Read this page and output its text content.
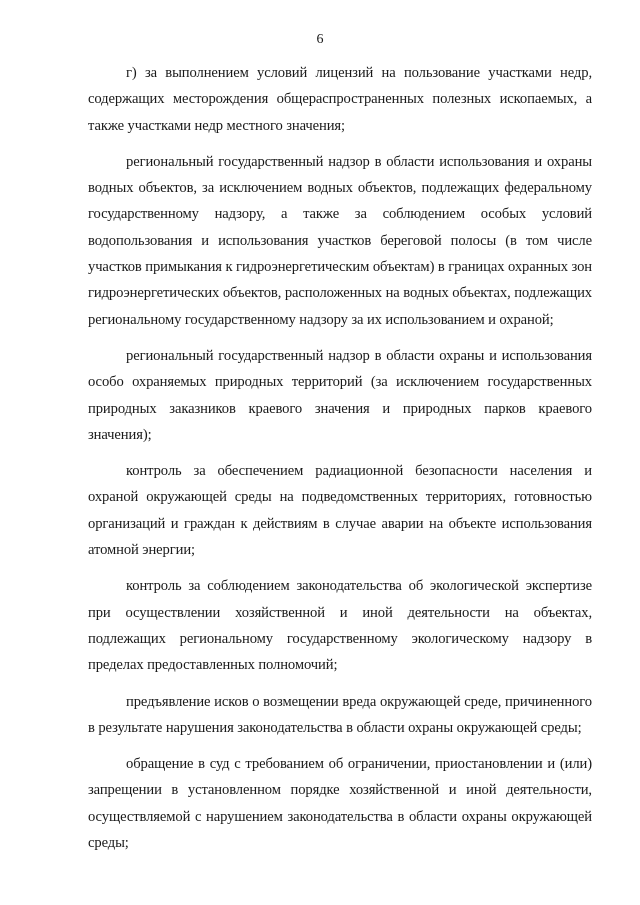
6

г) за выполнением условий лицензий на пользование участками недр, содержащих месторождения общераспространенных полезных ископаемых, а также участками недр местного значения;

региональный государственный надзор в области использования и охраны водных объектов, за исключением водных объектов, подлежащих федеральному государственному надзору, а также за соблюдением особых условий водопользования и использования участков береговой полосы (в том числе участков примыкания к гидроэнергетическим объектам) в границах охранных зон гидроэнергетических объектов, расположенных на водных объектах, подлежащих региональному государственному надзору за их использованием и охраной;

региональный государственный надзор в области охраны и использования особо охраняемых природных территорий (за исключением государственных природных заказников краевого значения и природных парков краевого значения);

контроль за обеспечением радиационной безопасности населения и охраной окружающей среды на подведомственных территориях, готовностью организаций и граждан к действиям в случае аварии на объекте использования атомной энергии;

контроль за соблюдением законодательства об экологической экспертизе при осуществлении хозяйственной и иной деятельности на объектах, подлежащих региональному государственному экологическому надзору в пределах предоставленных полномочий;

предъявление исков о возмещении вреда окружающей среде, причиненного в результате нарушения законодательства в области охраны окружающей среды;

обращение в суд с требованием об ограничении, приостановлении и (или) запрещении в установленном порядке хозяйственной и иной деятельности, осуществляемой с нарушением законодательства в области охраны окружающей среды;
